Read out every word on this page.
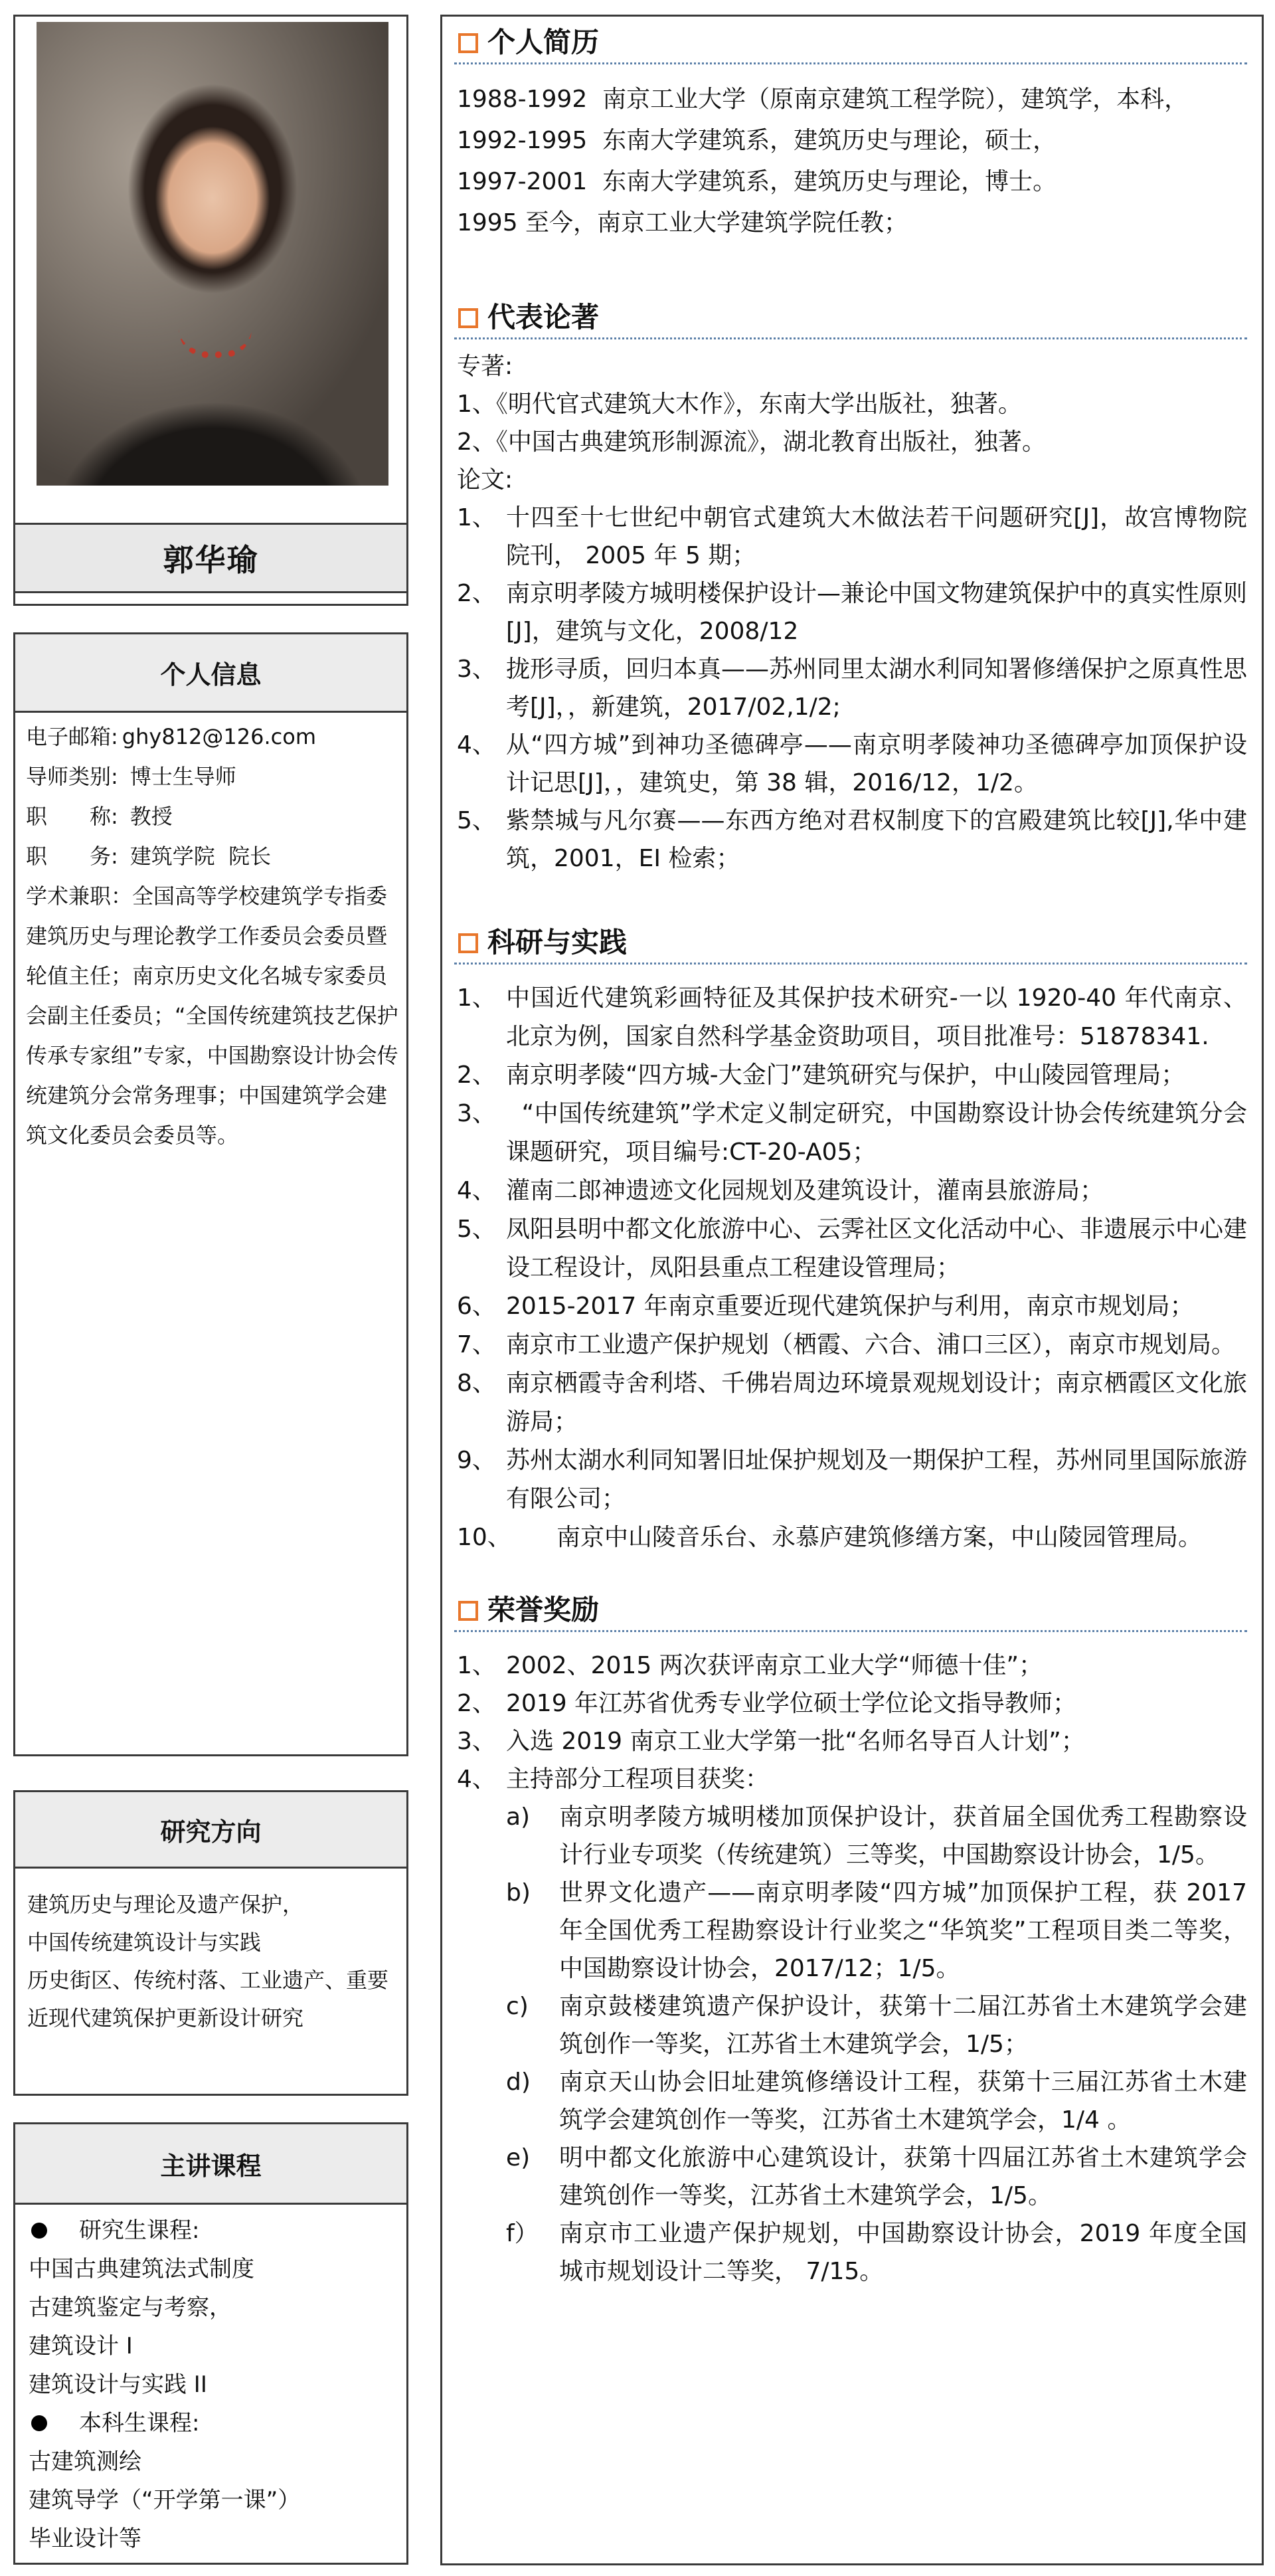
郭华瑜
个人信息
电子邮箱: ghy812@126.com
导师类别: 博士生导师
职　　称: 教授
职　　务: 建筑学院  院长
学术兼职：全国高等学校建筑学专指委建筑历史与理论教学工作委员会委员暨轮值主任；南京历史文化名城专家委员会副主任委员；“全国传统建筑技艺保护传承专家组”专家，中国勘察设计协会传统建筑分会常务理事；中国建筑学会建筑文化委员会委员等。
研究方向
建筑历史与理论及遗产保护，
中国传统建筑设计与实践
历史街区、传统村落、工业遗产、重要
近现代建筑保护更新设计研究
主讲课程
研究生课程:
中国古典建筑法式制度
古建筑鉴定与考察，
建筑设计 I
建筑设计与实践 II
本科生课程:
古建筑测绘
建筑导学（“开学第一课”）
毕业设计等
个人简历
1988-1992  南京工业大学（原南京建筑工程学院），建筑学，本科，
1992-1995  东南大学建筑系，建筑历史与理论，硕士，
1997-2001  东南大学建筑系，建筑历史与理论，博士。
1995 至今，南京工业大学建筑学院任教；
代表论著
专著:
1、《明代官式建筑大木作》，东南大学出版社，独著。
2、《中国古典建筑形制源流》，湖北教育出版社，独著。
论文:
1、 十四至十七世纪中朝官式建筑大木做法若干问题研究[J]，故宫博物院院刊， 2005 年 5 期；
2、 南京明孝陵方城明楼保护设计—兼论中国文物建筑保护中的真实性原则[J]，建筑与文化，2008/12
3、 拢形寻质，回归本真——苏州同里太湖水利同知署修缮保护之原真性思考[J]，，新建筑，2017/02,1/2;
4、 从“四方城”到神功圣德碑亭——南京明孝陵神功圣德碑亭加顶保护设计记思[J]，，建筑史，第 38 辑，2016/12，1/2。
5、 紫禁城与凡尔赛——东西方绝对君权制度下的宫殿建筑比较[J],华中建筑，2001，EI 检索；
科研与实践
1、 中国近代建筑彩画特征及其保护技术研究-一以 1920-40 年代南京、北京为例，国家自然科学基金资助项目，项目批准号：51878341.
2、 南京明孝陵“四方城-大金门”建筑研究与保护，中山陵园管理局；
3、 “中国传统建筑”学术定义制定研究，中国勘察设计协会传统建筑分会课题研究，项目编号:CT-20-A05；
4、 灌南二郎神遗迹文化园规划及建筑设计，灌南县旅游局；
5、 凤阳县明中都文化旅游中心、云霁社区文化活动中心、非遗展示中心建设工程设计，凤阳县重点工程建设管理局；
6、 2015-2017 年南京重要近现代建筑保护与利用，南京市规划局；
7、 南京市工业遗产保护规划（栖霞、六合、浦口三区），南京市规划局。
8、 南京栖霞寺舍利塔、千佛岩周边环境景观规划设计；南京栖霞区文化旅游局；
9、 苏州太湖水利同知署旧址保护规划及一期保护工程，苏州同里国际旅游有限公司；
10、	南京中山陵音乐台、永慕庐建筑修缮方案，中山陵园管理局。
荣誉奖励
1、 2002、2015 两次获评南京工业大学“师德十佳”；
2、 2019 年江苏省优秀专业学位硕士学位论文指导教师；
3、 入选 2019 南京工业大学第一批“名师名导百人计划”；
4、 主持部分工程项目获奖：
a)	南京明孝陵方城明楼加顶保护设计，获首届全国优秀工程勘察设计行业专项奖（传统建筑）三等奖，中国勘察设计协会，1/5。
b)	世界文化遗产——南京明孝陵“四方城”加顶保护工程，获 2017 年全国优秀工程勘察设计行业奖之“华筑奖”工程项目类二等奖，中国勘察设计协会，2017/12；1/5。
c)	南京鼓楼建筑遗产保护设计，获第十二届江苏省土木建筑学会建筑创作一等奖，江苏省土木建筑学会，1/5；
d)	南京天山协会旧址建筑修缮设计工程，获第十三届江苏省土木建筑学会建筑创作一等奖，江苏省土木建筑学会，1/4 。
e)	明中都文化旅游中心建筑设计，获第十四届江苏省土木建筑学会建筑创作一等奖，江苏省土木建筑学会，1/5。
f） 南京市工业遗产保护规划，中国勘察设计协会，2019 年度全国城市规划设计二等奖， 7/15。
